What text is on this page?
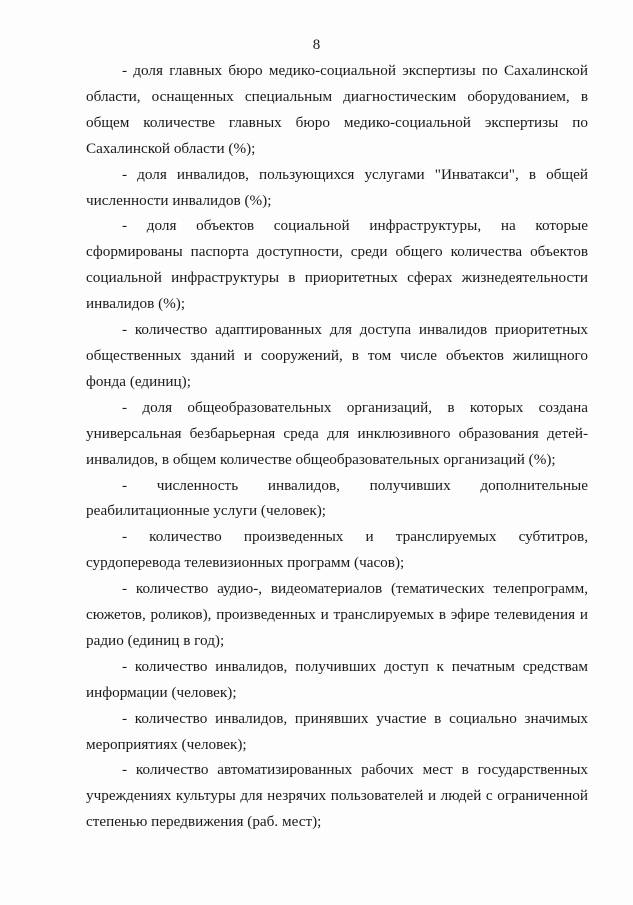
8

- доля главных бюро медико-социальной экспертизы по Сахалинской области, оснащенных специальным диагностическим оборудованием, в общем количестве главных бюро медико-социальной экспертизы по Сахалинской области (%);

- доля инвалидов, пользующихся услугами "Инватакси", в общей численности инвалидов (%);

- доля объектов социальной инфраструктуры, на которые сформированы паспорта доступности, среди общего количества объектов социальной инфраструктуры в приоритетных сферах жизнедеятельности инвалидов (%);

- количество адаптированных для доступа инвалидов приоритетных общественных зданий и сооружений, в том числе объектов жилищного фонда (единиц);

- доля общеобразовательных организаций, в которых создана универсальная безбарьерная среда для инклюзивного образования детей-инвалидов, в общем количестве общеобразовательных организаций (%);

- численность инвалидов, получивших дополнительные реабилитационные услуги (человек);

- количество произведенных и транслируемых субтитров, сурдоперевода телевизионных программ (часов);

- количество аудио-, видеоматериалов (тематических телепрограмм, сюжетов, роликов), произведенных и транслируемых в эфире телевидения и радио (единиц в год);

- количество инвалидов, получивших доступ к печатным средствам информации (человек);

- количество инвалидов, принявших участие в социально значимых мероприятиях (человек);

- количество автоматизированных рабочих мест в государственных учреждениях культуры для незрячих пользователей и людей с ограниченной степенью передвижения (раб. мест);
